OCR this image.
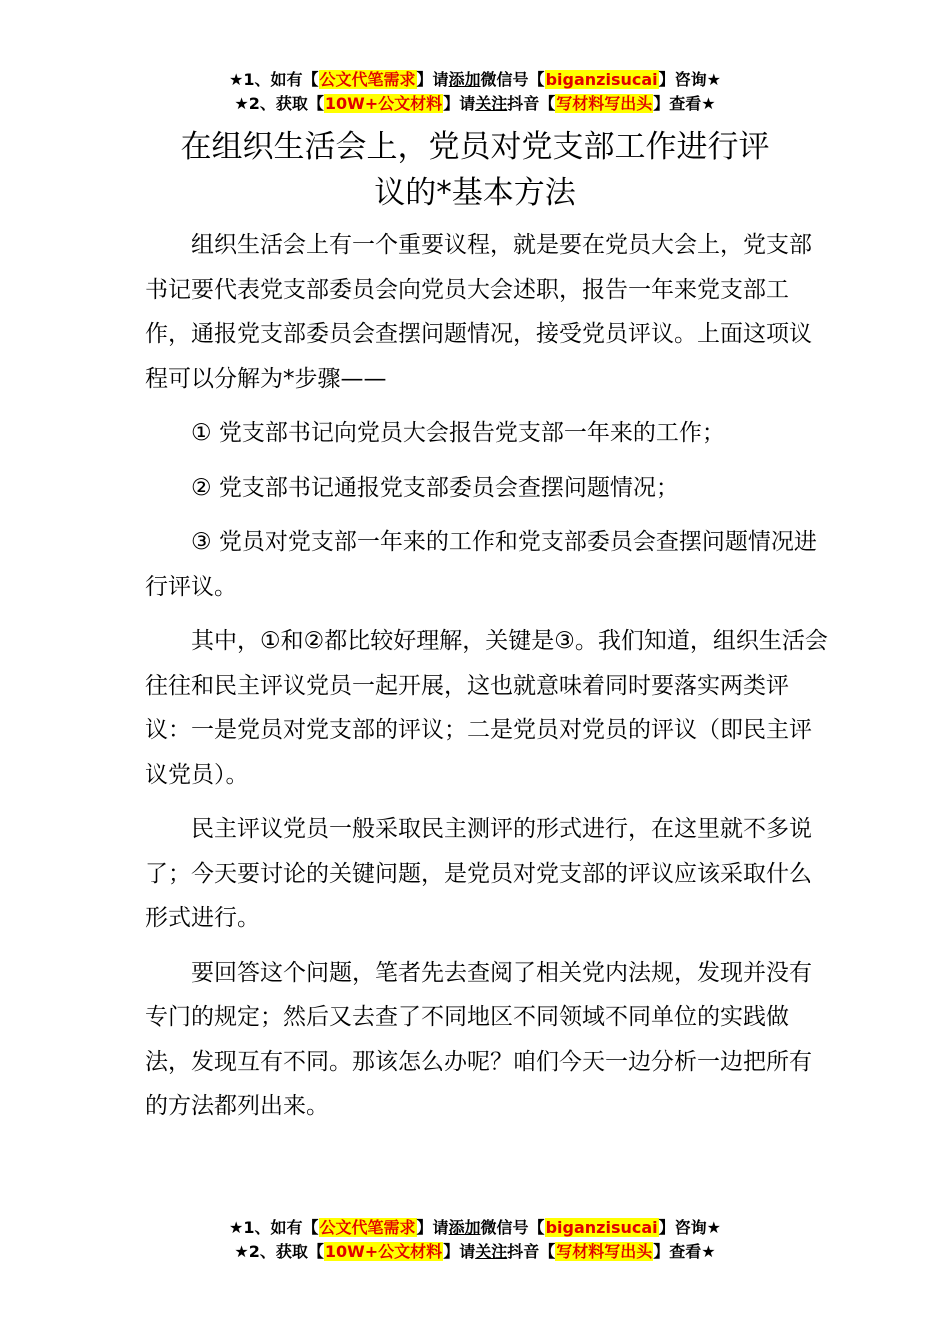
★1、如有【公文代笔需求】请添加微信号【biganzisucai】咨询★
★2、获取【10W+公文材料】请关注抖音【写材料写出头】查看★
在组织生活会上，党员对党支部工作进行评
议的*基本方法

组织生活会上有一个重要议程，就是要在党员大会上，党支部书记要代表党支部委员会向党员大会述职，报告一年来党支部工作，通报党支部委员会查摆问题情况，接受党员评议。上面这项议程可以分解为*步骤——

① 党支部书记向党员大会报告党支部一年来的工作；

② 党支部书记通报党支部委员会查摆问题情况；

③ 党员对党支部一年来的工作和党支部委员会查摆问题情况进行评议。

其中，①和②都比较好理解，关键是③。我们知道，组织生活会往往和民主评议党员一起开展，这也就意味着同时要落实两类评议：一是党员对党支部的评议；二是党员对党员的评议（即民主评议党员）。

民主评议党员一般采取民主测评的形式进行，在这里就不多说了；今天要讨论的关键问题，是党员对党支部的评议应该采取什么形式进行。

要回答这个问题，笔者先去查阅了相关党内法规，发现并没有专门的规定；然后又去查了不同地区不同领域不同单位的实践做法，发现互有不同。那该怎么办呢？咱们今天一边分析一边把所有的方法都列出来。

★1、如有【公文代笔需求】请添加微信号【biganzisucai】咨询★
★2、获取【10W+公文材料】请关注抖音【写材料写出头】查看★
